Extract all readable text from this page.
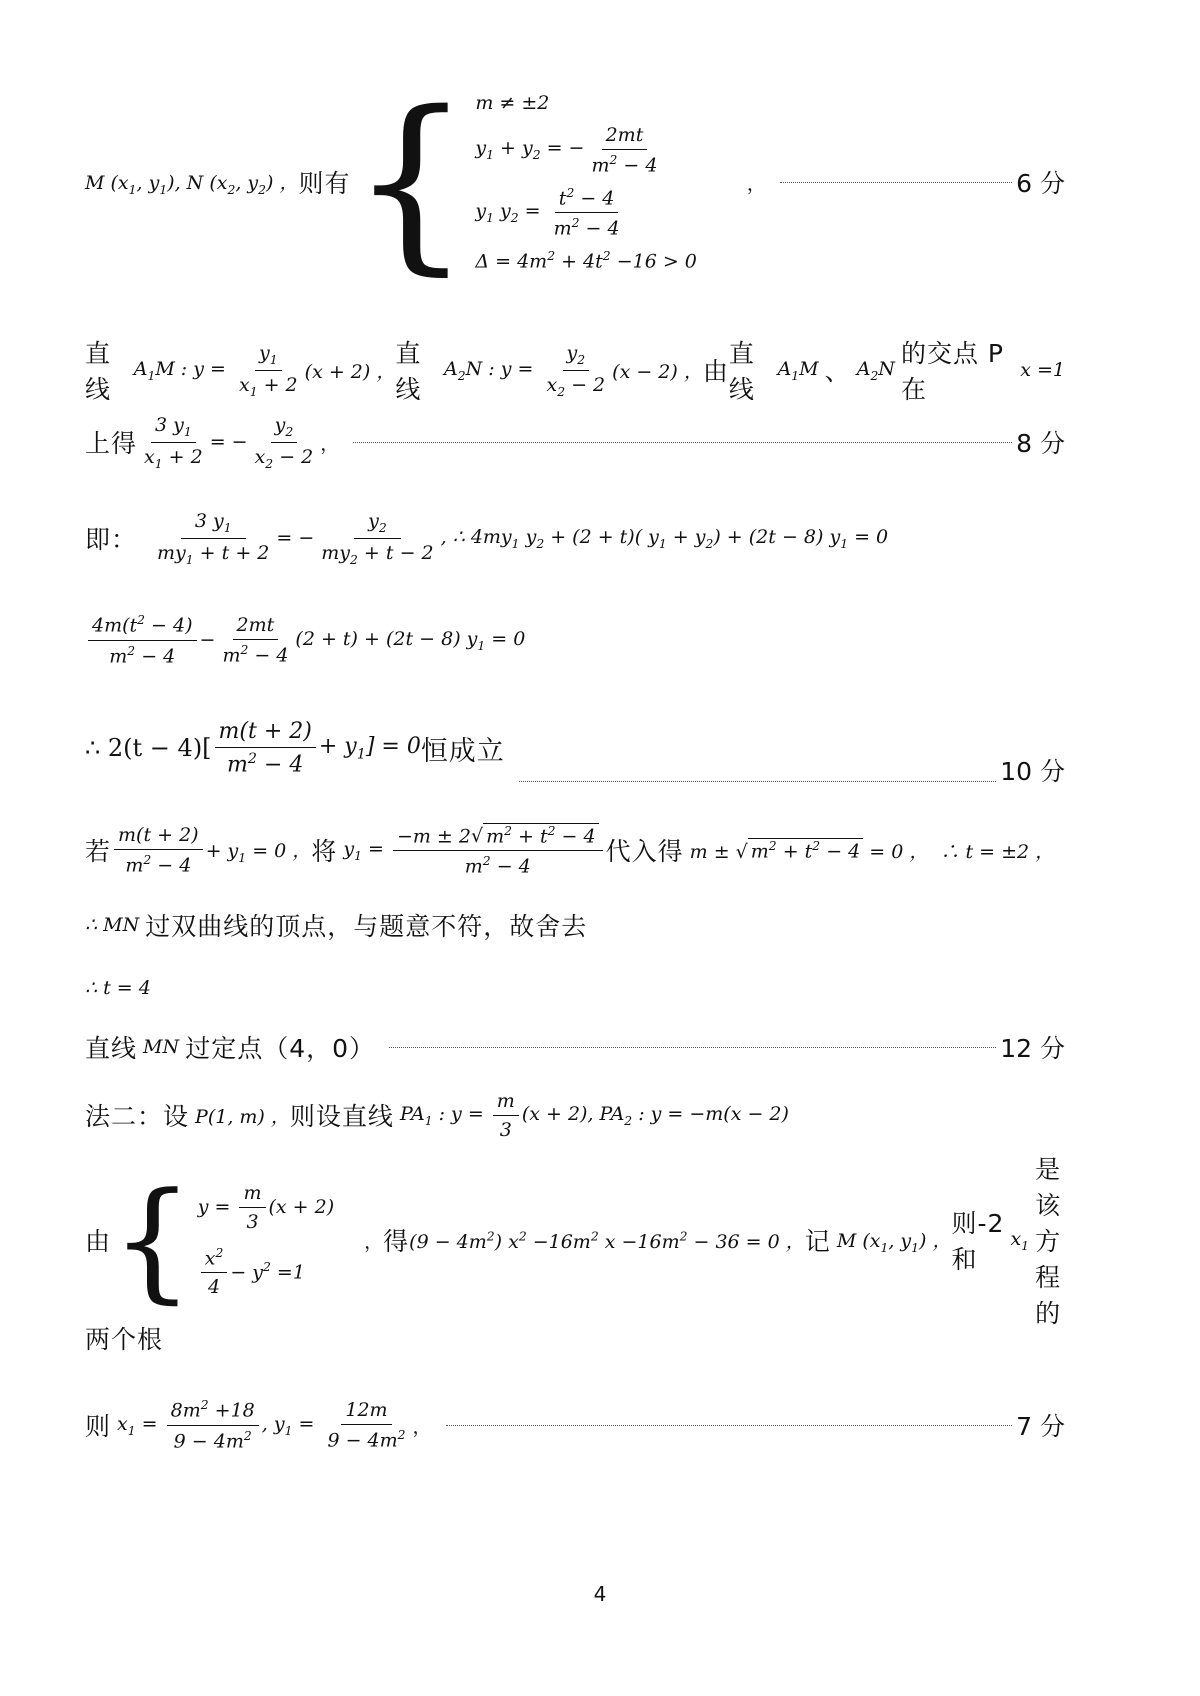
M ($x_1$, $y_1$), N ($x_2$, $y_2$) ， 则有 { m ≠ ±2
$y_1 + y_2$ = − $\frac{2mt}{m^2 - 4}$
$y_1$ $y_2 = \frac{t^2 - 4}{m^2 - 4}$
$\Delta = 4m^2 + 4t^2 -16 > 0$
，	6 分
直线
$A_1M$ : $y = \frac{y_1}{x_1 + 2} (x + 2)$ ，
直线
$A_2N$ : $y = \frac{y_2}{x_2 - 2} (x - 2)$ ， 由
直线
$A_1M$ 、 $A_2N$
的交点 P 在
x =1
上得 $\frac{3 y_1}{x_1 + 2}$ = − $\frac{y_2}{x_2 - 2}$ ，	8 分
即： $\frac{3 y_1}{my_1 + t + 2}$ = − $\frac{y_2}{my_2 + t - 2}$ , ∴ $4my_1$ $y_2 + (2 + t)$( $y_1 + y_2) + (2t - 8)$ $y_1 = 0$
$\frac{4m(t^2 - 4)}{m^2 - 4} - \frac{2mt}{m^2 - 4} (2 + t) + (2t - 8) y_1 = 0$
∴ $2(t - 4)[ \frac{m(t + 2)}{m^2 - 4} + y_1] = 0$ 恒成立
10 分
若 $\frac{m(t + 2)}{m^2 - 4} + y_1 = 0$ ， 将 $y_1 = \frac{-m \pm 2√ m^2 + t^2 - 4}{m^2 - 4}$ 代入得 m ± √ $m^2 + t^2 - 4 = 0$ ，  ∴ t = ±2 ，
∴ MN 过双曲线的顶点，与题意不符，故舍去
∴ t = 4
直线 MN 过定点（4，0）	12 分
法二：设 P(1, m) ， 则设直线 $PA_1$ : $y = \frac{m}{3} (x + 2)$, $PA_2$ : y = −m(x − 2)
由 { $y = \frac{m}{3} (x + 2)$
$\frac{x^2}{4} - y^2 =1$
， 得 $(9 - 4m^2)$ $x^2 -16m^2$ $x -16m^2 - 36 = 0$ ， 记 M ($x_1$, $y_1$) ，
则-2 和
$x_1$
是该方程的
两个根
则 $x_1 = \frac{8m^2 +18}{9 - 4m^2}$ , $y_1 = \frac{12m}{9 - 4m^2}$ ，	7 分
4
